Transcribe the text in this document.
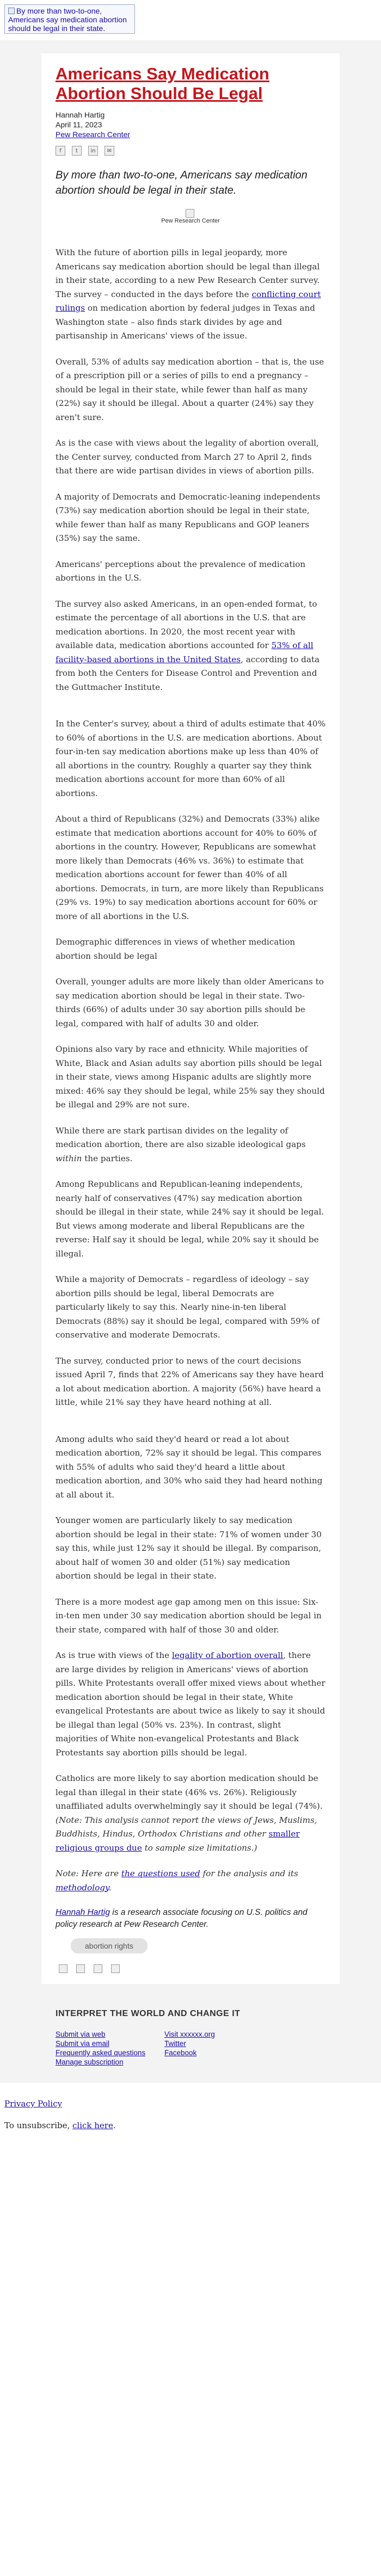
By more than two-to-one, Americans say medication abortion should be legal in their state.
Americans Say Medication Abortion Should Be Legal
Hannah Hartig
April 11, 2023
Pew Research Center
f	t	in	✉

By more than two-to-one, Americans say medication abortion should be legal in their state.

Pew Research Center

With the future of abortion pills in legal jeopardy, more Americans say medication abortion should be legal than illegal in their state, according to a new Pew Research Center survey. The survey – conducted in the days before the conflicting court rulings on medication abortion by federal judges in Texas and Washington state – also finds stark divides by age and partisanship in Americans' views of the issue.

Overall, 53% of adults say medication abortion – that is, the use of a prescription pill or a series of pills to end a pregnancy – should be legal in their state, while fewer than half as many (22%) say it should be illegal. About a quarter (24%) say they aren't sure.

As is the case with views about the legality of abortion overall, the Center survey, conducted from March 27 to April 2, finds that there are wide partisan divides in views of abortion pills.

A majority of Democrats and Democratic-leaning independents (73%) say medication abortion should be legal in their state, while fewer than half as many Republicans and GOP leaners (35%) say the same.

Americans' perceptions about the prevalence of medication abortions in the U.S.

The survey also asked Americans, in an open-ended format, to estimate the percentage of all abortions in the U.S. that are medication abortions. In 2020, the most recent year with available data, medication abortions accounted for 53% of all facility-based abortions in the United States, according to data from both the Centers for Disease Control and Prevention and the Guttmacher Institute.

In the Center's survey, about a third of adults estimate that 40% to 60% of abortions in the U.S. are medication abortions. About four-in-ten say medication abortions make up less than 40% of all abortions in the country. Roughly a quarter say they think medication abortions account for more than 60% of all abortions.

About a third of Republicans (32%) and Democrats (33%) alike estimate that medication abortions account for 40% to 60% of abortions in the country. However, Republicans are somewhat more likely than Democrats (46% vs. 36%) to estimate that medication abortions account for fewer than 40% of all abortions. Democrats, in turn, are more likely than Republicans (29% vs. 19%) to say medication abortions account for 60% or more of all abortions in the U.S.

Demographic differences in views of whether medication abortion should be legal

Overall, younger adults are more likely than older Americans to say medication abortion should be legal in their state. Two-thirds (66%) of adults under 30 say abortion pills should be legal, compared with half of adults 30 and older.

Opinions also vary by race and ethnicity. While majorities of White, Black and Asian adults say abortion pills should be legal in their state, views among Hispanic adults are slightly more mixed: 46% say they should be legal, while 25% say they should be illegal and 29% are not sure.

While there are stark partisan divides on the legality of medication abortion, there are also sizable ideological gaps within the parties.

Among Republicans and Republican-leaning independents, nearly half of conservatives (47%) say medication abortion should be illegal in their state, while 24% say it should be legal. But views among moderate and liberal Republicans are the reverse: Half say it should be legal, while 20% say it should be illegal.

While a majority of Democrats – regardless of ideology – say abortion pills should be legal, liberal Democrats are particularly likely to say this. Nearly nine-in-ten liberal Democrats (88%) say it should be legal, compared with 59% of conservative and moderate Democrats.

The survey, conducted prior to news of the court decisions issued April 7, finds that 22% of Americans say they have heard a lot about medication abortion. A majority (56%) have heard a little, while 21% say they have heard nothing at all.

Among adults who said they'd heard or read a lot about medication abortion, 72% say it should be legal. This compares with 55% of adults who said they'd heard a little about medication abortion, and 30% who said they had heard nothing at all about it.

Younger women are particularly likely to say medication abortion should be legal in their state: 71% of women under 30 say this, while just 12% say it should be illegal. By comparison, about half of women 30 and older (51%) say medication abortion should be legal in their state.

There is a more modest age gap among men on this issue: Six-in-ten men under 30 say medication abortion should be legal in their state, compared with half of those 30 and older.

As is true with views of the legality of abortion overall, there are large divides by religion in Americans' views of abortion pills. White Protestants overall offer mixed views about whether medication abortion should be legal in their state, White evangelical Protestants are about twice as likely to say it should be illegal than legal (50% vs. 23%). In contrast, slight majorities of White non-evangelical Protestants and Black Protestants say abortion pills should be legal.

Catholics are more likely to say abortion medication should be legal than illegal in their state (46% vs. 26%). Religiously unaffiliated adults overwhelmingly say it should be legal (74%). (Note: This analysis cannot report the views of Jews, Muslims, Buddhists, Hindus, Orthodox Christians and other smaller religious groups due to sample size limitations.)

Note: Here are the questions used for the analysis and its methodology.

Hannah Hartig is a research associate focusing on U.S. politics and policy research at Pew Research Center.

abortion rights
INTERPRET THE WORLD AND CHANGE IT
Submit via web
Submit via email
Frequently asked questions
Manage subscription
Visit xxxxxx.org
Twitter
Facebook

Privacy Policy

To unsubscribe, click here.
